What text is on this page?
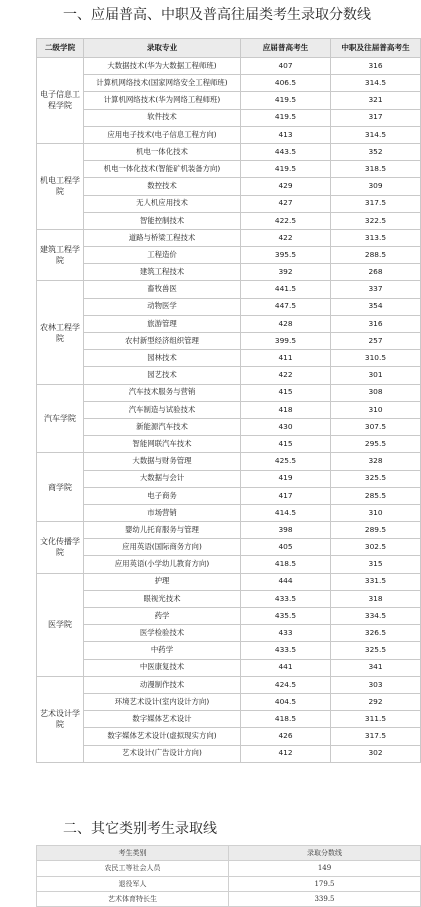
一、应届普高、中职及普高往届类考生录取分数线
二级学院	录取专业	应届普高考生	中职及往届普高考生
电子信息工程学院	大数据技术(华为大数据工程师班)	407	316
	计算机网络技术(国家网络安全工程师班)	406.5	314.5
	计算机网络技术(华为网络工程师班)	419.5	321
	软件技术	419.5	317
	应用电子技术(电子信息工程方向)	413	314.5
机电工程学院	机电一体化技术	443.5	352
	机电一体化技术(智能矿机装备方向)	419.5	318.5
	数控技术	429	309
	无人机应用技术	427	317.5
	智能控制技术	422.5	322.5
建筑工程学院	道路与桥梁工程技术	422	313.5
	工程造价	395.5	288.5
	建筑工程技术	392	268
农林工程学院	畜牧兽医	441.5	337
	动物医学	447.5	354
	旅游管理	428	316
	农村新型经济组织管理	399.5	257
	园林技术	411	310.5
	园艺技术	422	301
汽车学院	汽车技术服务与营销	415	308
	汽车制造与试验技术	418	310
	新能源汽车技术	430	307.5
	智能网联汽车技术	415	295.5
商学院	大数据与财务管理	425.5	328
	大数据与会计	419	325.5
	电子商务	417	285.5
	市场营销	414.5	310
文化传播学院	婴幼儿托育服务与管理	398	289.5
	应用英语(国际商务方向)	405	302.5
	应用英语(小学幼儿教育方向)	418.5	315
医学院	护理	444	331.5
	眼视光技术	433.5	318
	药学	435.5	334.5
	医学检验技术	433	326.5
	中药学	433.5	325.5
	中医康复技术	441	341
艺术设计学院	动漫制作技术	424.5	303
	环境艺术设计(室内设计方向)	404.5	292
	数字媒体艺术设计	418.5	311.5
	数字媒体艺术设计(虚拟现实方向)	426	317.5
	艺术设计(广告设计方向)	412	302
二、其它类别考生录取线
考生类别	录取分数线
农民工等社会人员	149
退役军人	179.5
艺术体育特长生	339.5
